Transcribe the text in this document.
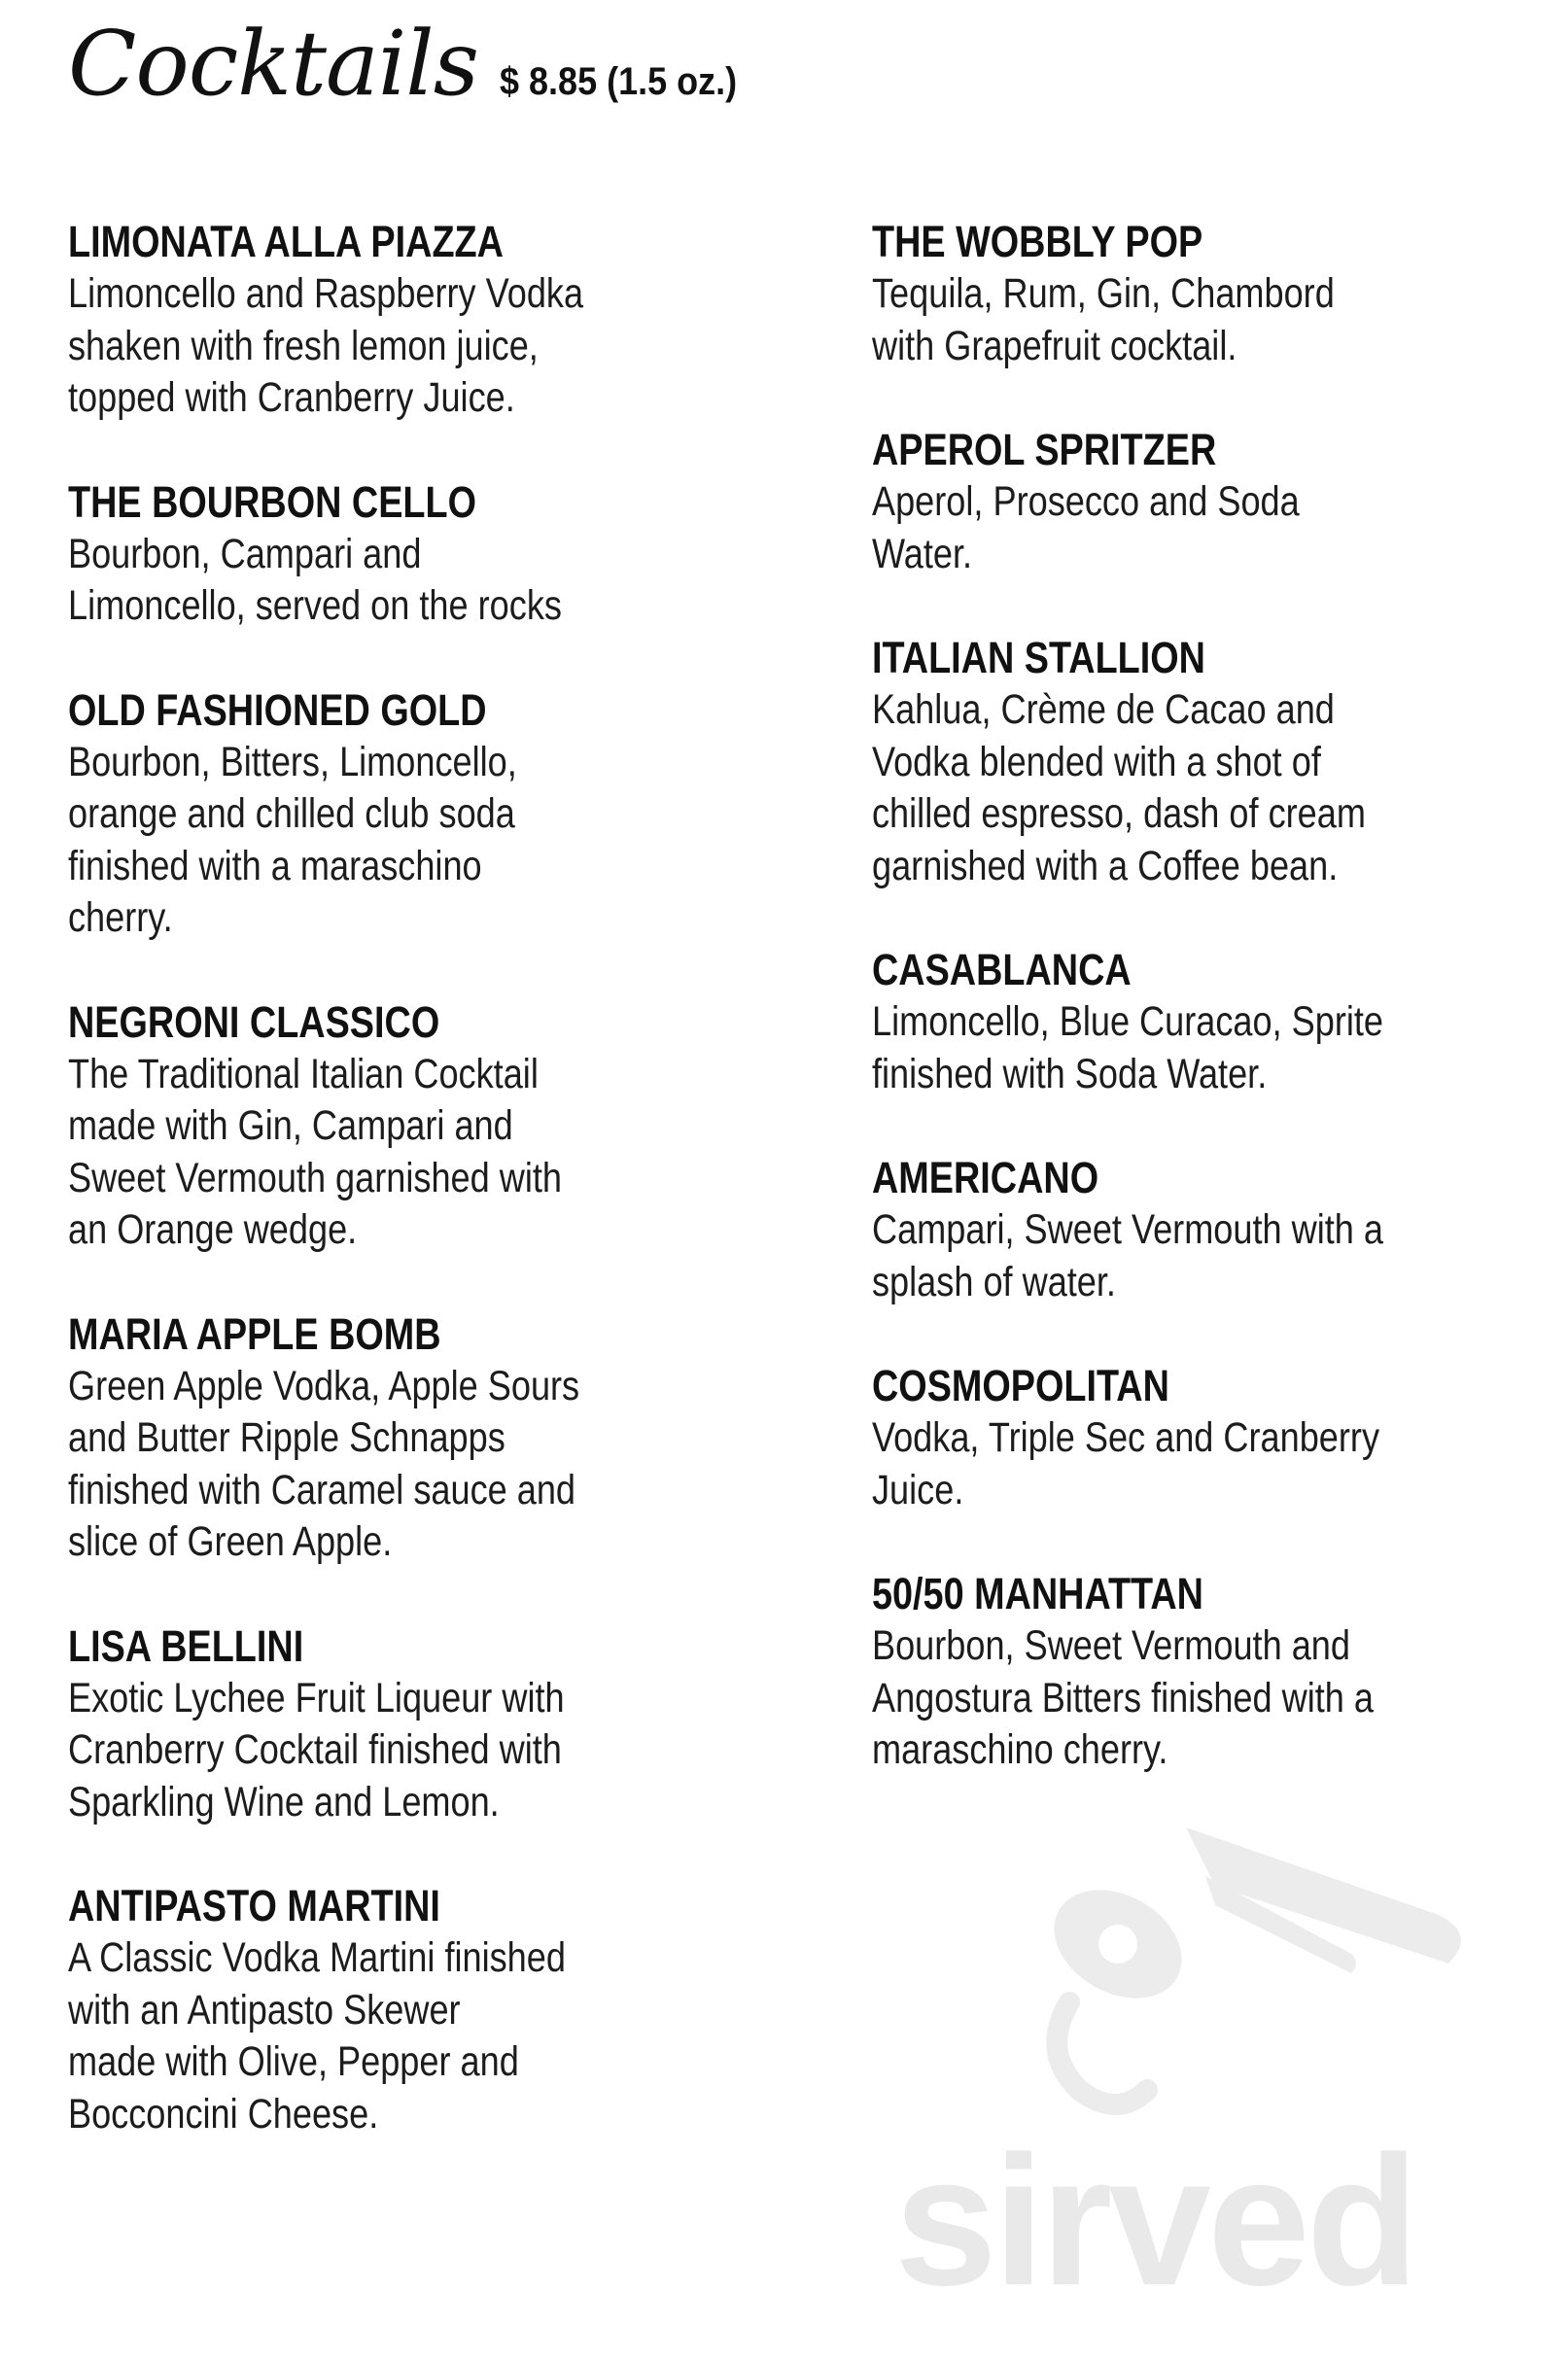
Cocktails $ 8.85 (1.5 oz.)
LIMONATA ALLA PIAZZA
Limoncello and Raspberry Vodka
shaken with fresh lemon juice,
topped with Cranberry Juice.
THE BOURBON CELLO
Bourbon, Campari and
Limoncello, served on the rocks
OLD FASHIONED GOLD
Bourbon, Bitters, Limoncello,
orange and chilled club soda
finished with a maraschino
cherry.
NEGRONI CLASSICO
The Traditional Italian Cocktail
made with Gin, Campari and
Sweet Vermouth garnished with
an Orange wedge.
MARIA APPLE BOMB
Green Apple Vodka, Apple Sours
and Butter Ripple Schnapps
finished with Caramel sauce and
slice of Green Apple.
LISA BELLINI
Exotic Lychee Fruit Liqueur with
Cranberry Cocktail finished with
Sparkling Wine and Lemon.
ANTIPASTO MARTINI
A Classic Vodka Martini finished
with an Antipasto Skewer
made with Olive, Pepper and
Bocconcini Cheese.
THE WOBBLY POP
Tequila, Rum, Gin, Chambord
with Grapefruit cocktail.
APEROL SPRITZER
Aperol, Prosecco and Soda
Water.
ITALIAN STALLION
Kahlua, Crème de Cacao and
Vodka blended with a shot of
chilled espresso, dash of cream
garnished with a Coffee bean.
CASABLANCA
Limoncello, Blue Curacao, Sprite
finished with Soda Water.
AMERICANO
Campari, Sweet Vermouth with a
splash of water.
COSMOPOLITAN
Vodka, Triple Sec and Cranberry
Juice.
50/50 MANHATTAN
Bourbon, Sweet Vermouth and
Angostura Bitters finished with a
maraschino cherry.
sirved
